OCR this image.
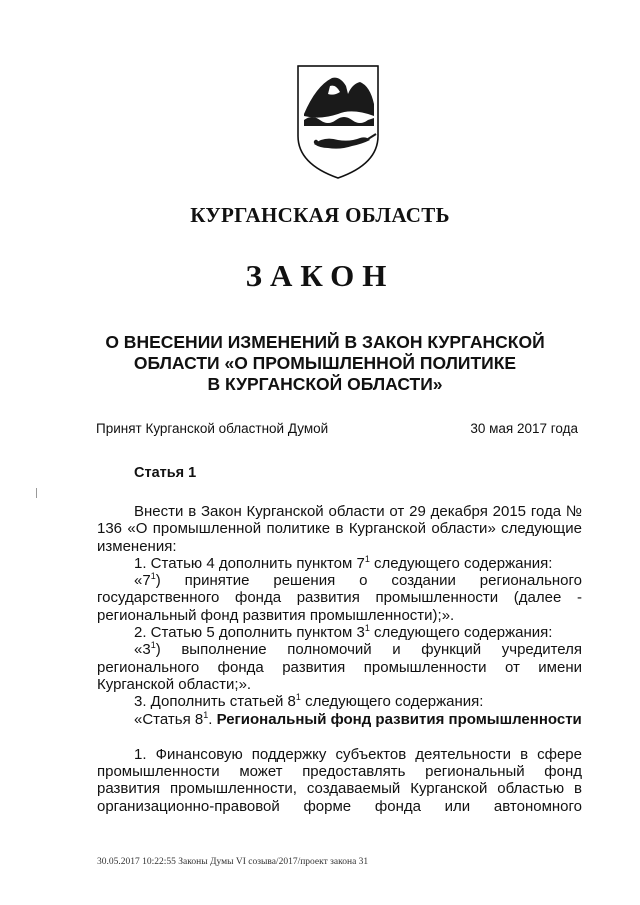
КУРГАНСКАЯ ОБЛАСТЬ
ЗАКОН
О ВНЕСЕНИИ ИЗМЕНЕНИЙ В ЗАКОН КУРГАНСКОЙ
ОБЛАСТИ «О ПРОМЫШЛЕННОЙ ПОЛИТИКЕ
В КУРГАНСКОЙ ОБЛАСТИ»
Принят Курганской областной Думой	30 мая 2017 года
Статья 1

Внести в Закон Курганской области от 29 декабря 2015 года № 136 «О промышленной политике в Курганской области» следующие изменения:

1. Статью 4 дополнить пунктом $7^1$ следующего содержания:

«$7^1$) принятие решения о создании регионального государственного фонда развития промышленности (далее - региональный фонд развития промышленности);».

2. Статью 5 дополнить пунктом $3^1$ следующего содержания:

«$3^1$) выполнение полномочий и функций учредителя регионального фонда развития промышленности от имени Курганской области;».

3. Дополнить статьей $8^1$ следующего содержания:

«Статья $8^1$. Региональный фонд развития промышленности

1. Финансовую поддержку субъектов деятельности в сфере промышленности может предоставлять региональный фонд развития промышленности, создаваемый Курганской областью в организационно-правовой форме фонда или автономного

30.05.2017 10:22:55 Законы Думы VI созыва/2017/проект закона 31
